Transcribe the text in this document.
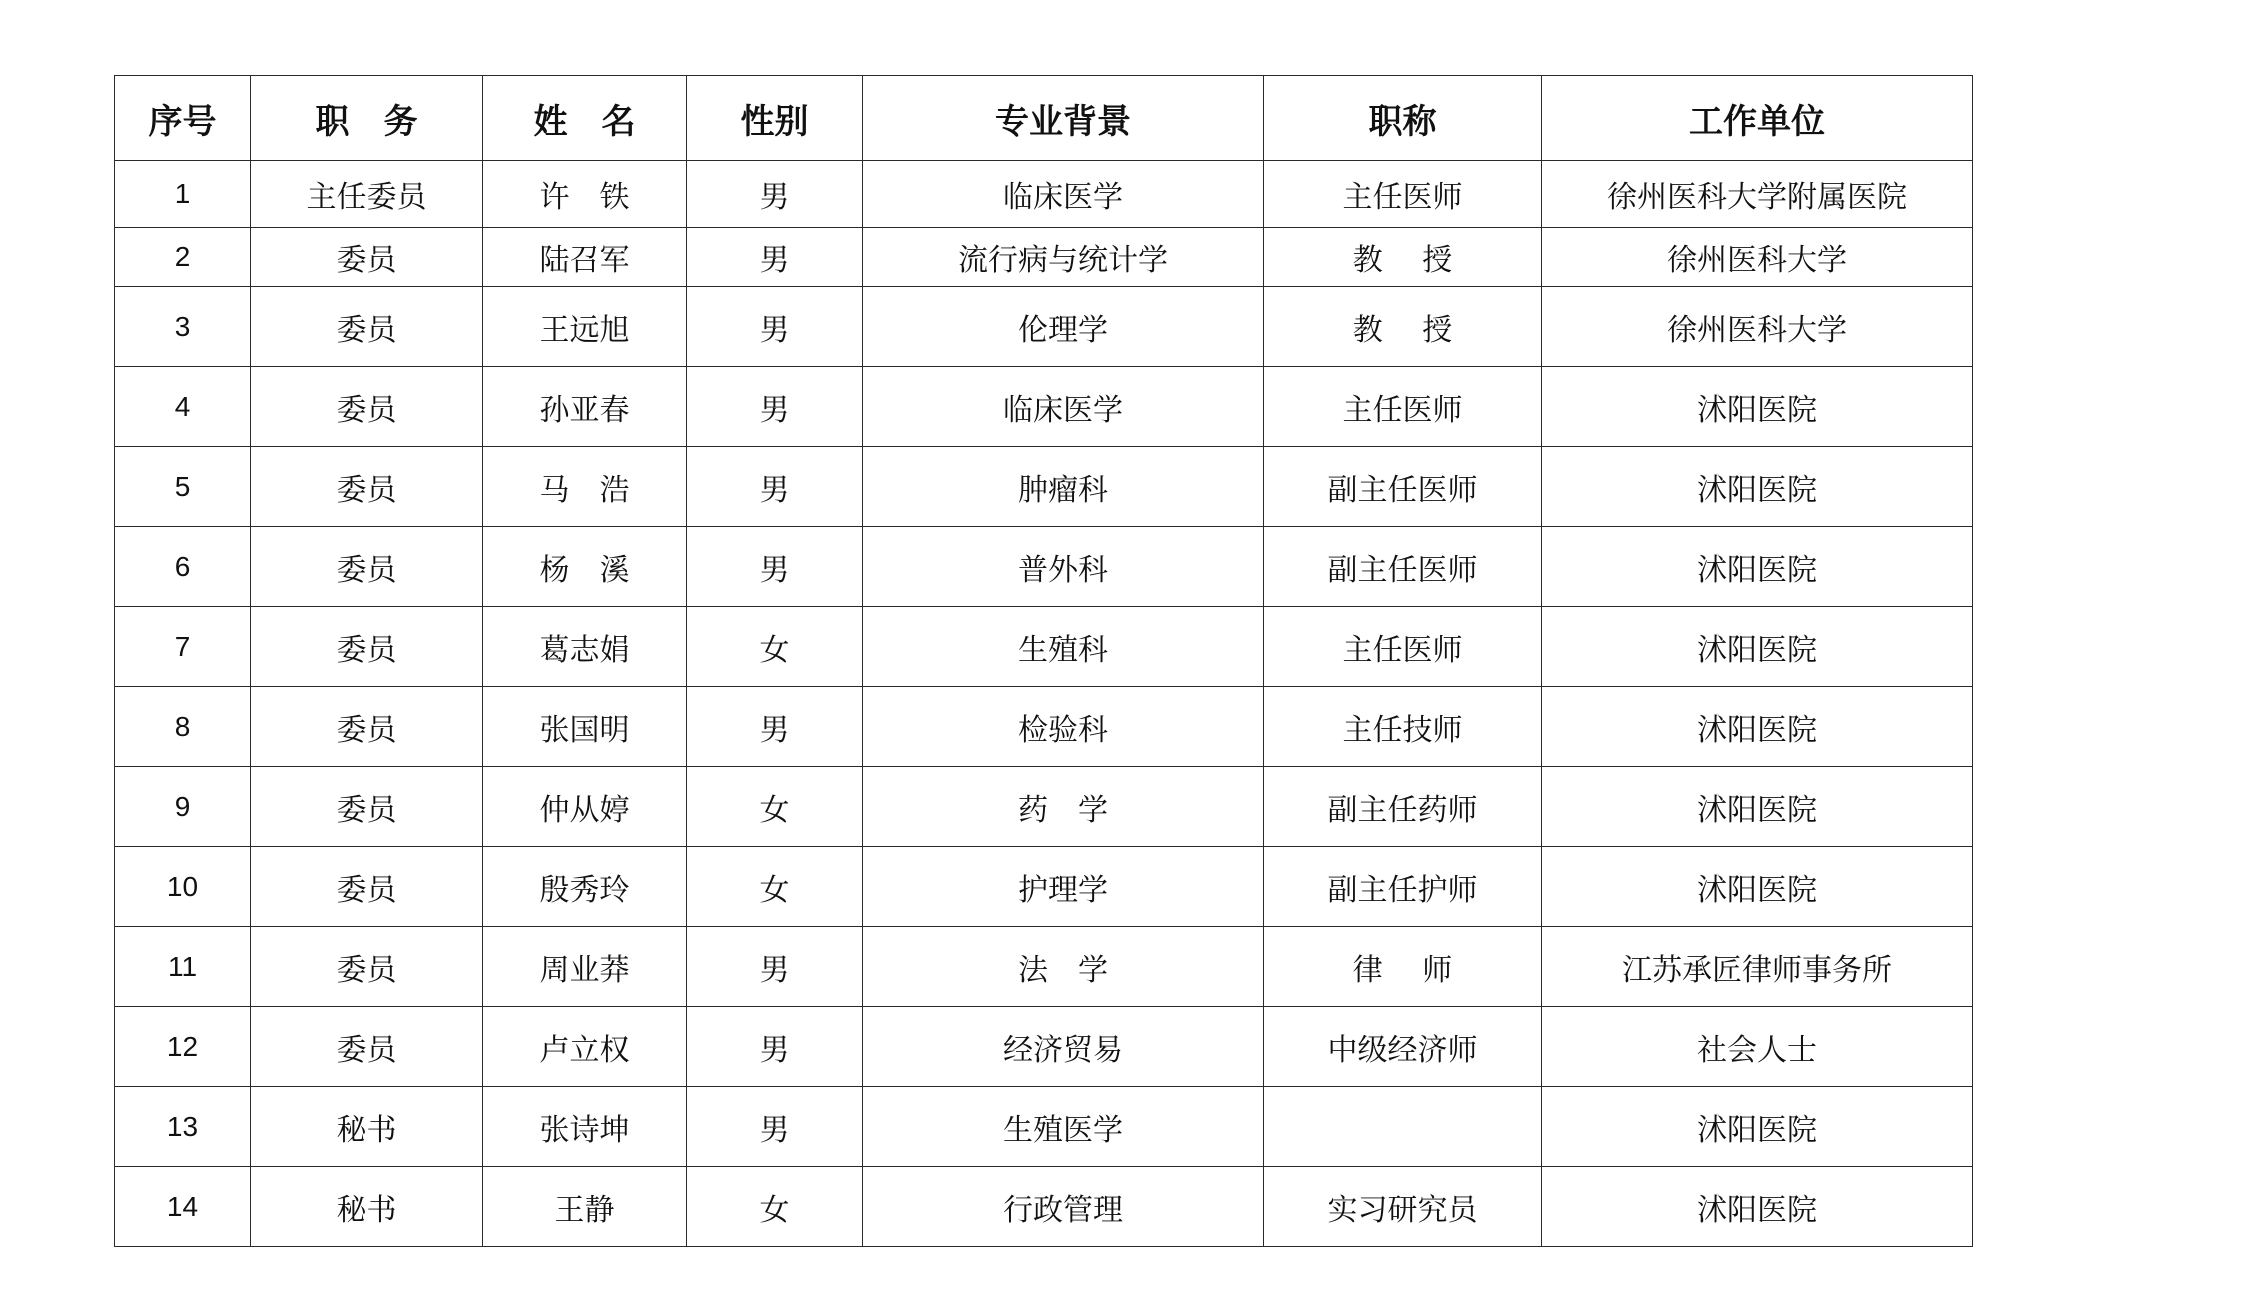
序号	职　务	姓　名	性别	专业背景	职称	工作单位
1	主任委员	许　铁	男	临床医学	主任医师	徐州医科大学附属医院
2	委员	陆召军	男	流行病与统计学	教　 授	徐州医科大学
3	委员	王远旭	男	伦理学	教　 授	徐州医科大学
4	委员	孙亚春	男	临床医学	主任医师	沭阳医院
5	委员	马　浩	男	肿瘤科	副主任医师	沭阳医院
6	委员	杨　溪	男	普外科	副主任医师	沭阳医院
7	委员	葛志娟	女	生殖科	主任医师	沭阳医院
8	委员	张国明	男	检验科	主任技师	沭阳医院
9	委员	仲从婷	女	药　学	副主任药师	沭阳医院
10	委员	殷秀玲	女	护理学	副主任护师	沭阳医院
11	委员	周业莽	男	法　学	律　 师	江苏承匠律师事务所
12	委员	卢立权	男	经济贸易	中级经济师	社会人士
13	秘书	张诗坤	男	生殖医学		沭阳医院
14	秘书	王静	女	行政管理	实习研究员	沭阳医院
